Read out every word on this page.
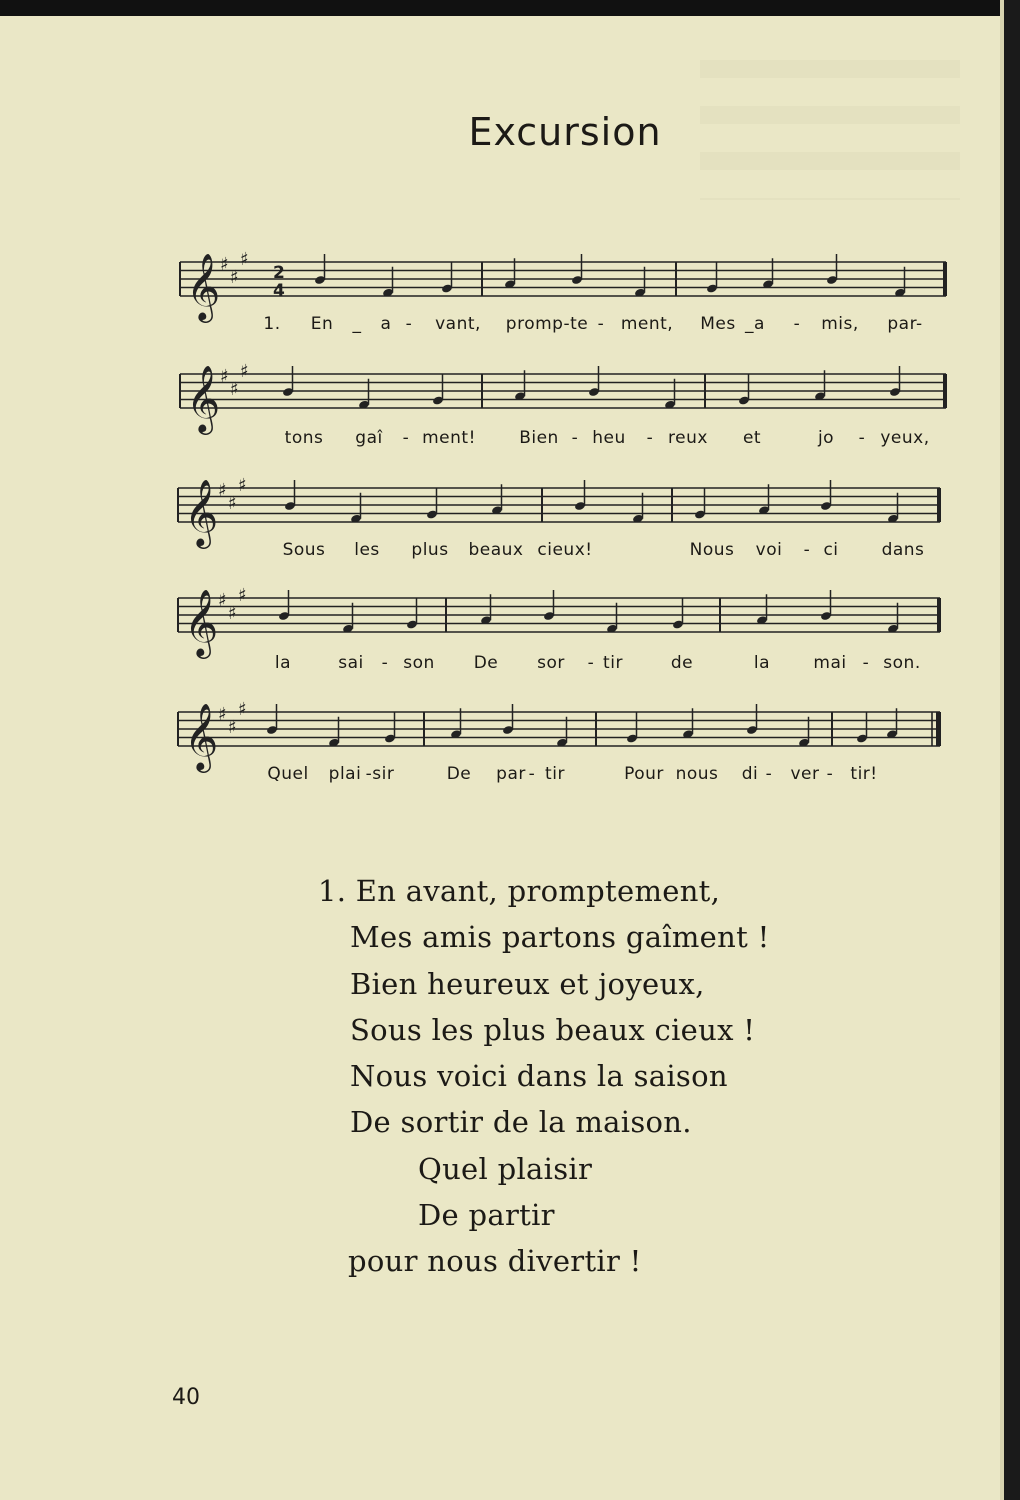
Excursion
𝄞 ♯
♯
♯
2
4
1. En _ a - vant, promp-te - ment, Mes _a - mis, par-
𝄞 ♯
♯
♯
tons gaî - ment!	Bien - heu - reux et	jo - yeux,
𝄞 ♯
♯
♯
Sous les plus beaux cieux!	Nous voi - ci	dans
𝄞 ♯
♯
♯
la	sai - son De sor - tir	de	la	mai - son.
𝄞 ♯
♯
♯
Quel plai -sir	De par - tir	Pour nous di - ver - tir!
1. En avant, promptement,
Mes amis partons gaîment !
Bien heureux et joyeux,
Sous les plus beaux cieux !
Nous voici dans la saison
De sortir de la maison.
Quel plaisir
De partir
pour nous divertir !
40
